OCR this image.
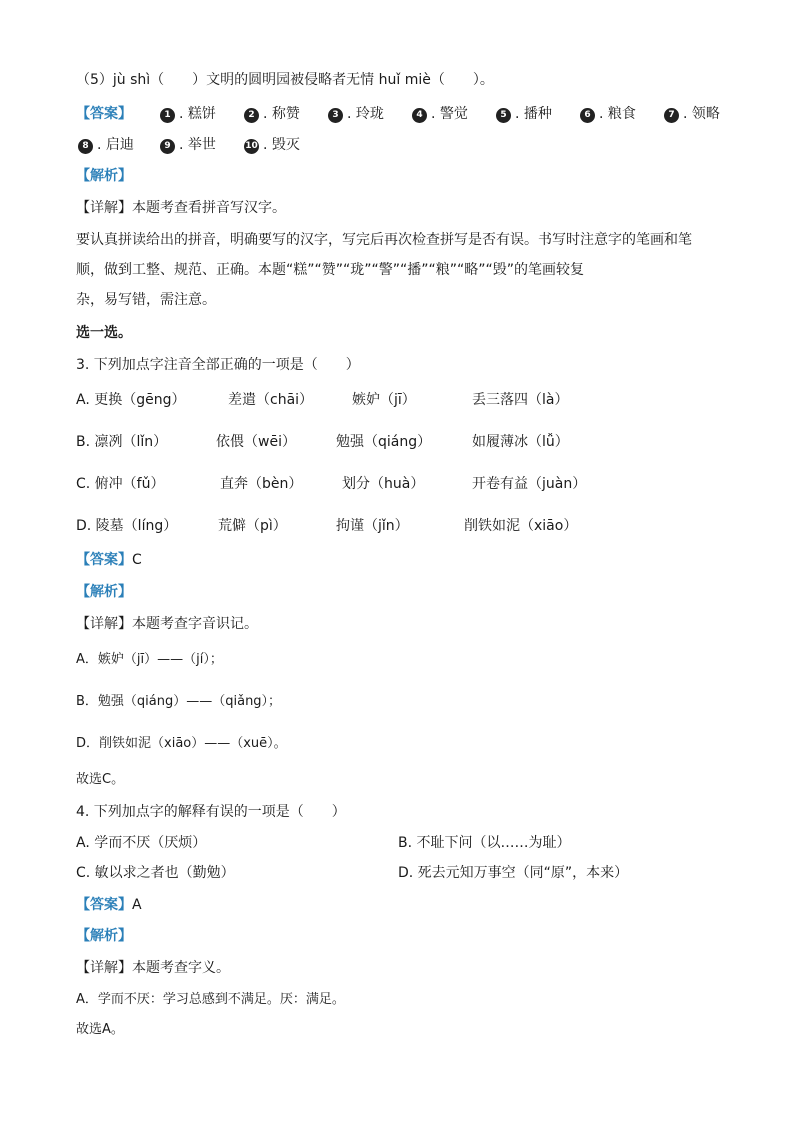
（5）jù shì（　　）文明的圆明园被侵略者无情 huǐ miè（　　）。
【答案】	1 . 糕饼	2 . 称赞	3 . 玲珑	4 . 警觉	5 . 播种	6 . 粮食	7 . 领略
8 . 启迪	9 . 举世	10 . 毁灭
【解析】
【详解】本题考查看拼音写汉字。
要认真拼读给出的拼音，明确要写的汉字，写完后再次检查拼写是否有误。书写时注意字的笔画和笔
顺，做到工整、规范、正确。本题“糕”“赞”“珑”“警”“播”“粮”“略”“毁”的笔画较复
杂，易写错，需注意。
选一选。
3. 下列加点字注音全部正确的一项是（　　）
A. 更换（gēng）	差遣（chāi）	嫉妒（jī）	丢三落四（là）
B. 凛冽（lǐn）	依偎（wēi）	勉强（qiáng）	如履薄冰（lǚ）
C. 俯冲（fǔ）	直奔（bèn）	划分（huà）	开卷有益（juàn）
D. 陵墓（líng）	荒僻（pì）	拘谨（jǐn）	削铁如泥（xiāo）
【答案】C
【解析】
【详解】本题考查字音识记。
A．嫉妒（jī）——（jí）；
B．勉强（qiáng）——（qiǎng）；
D．削铁如泥（xiāo）——（xuē）。
故选C。
4. 下列加点字的解释有误的一项是（　　）
A. 学而不厌（厌烦）	B. 不耻下问（以……为耻）
C. 敏以求之者也（勤勉）	D. 死去元知万事空（同“原”，本来）
【答案】A
【解析】
【详解】本题考查字义。
A．学而不厌：学习总感到不满足。厌：满足。
故选A。
